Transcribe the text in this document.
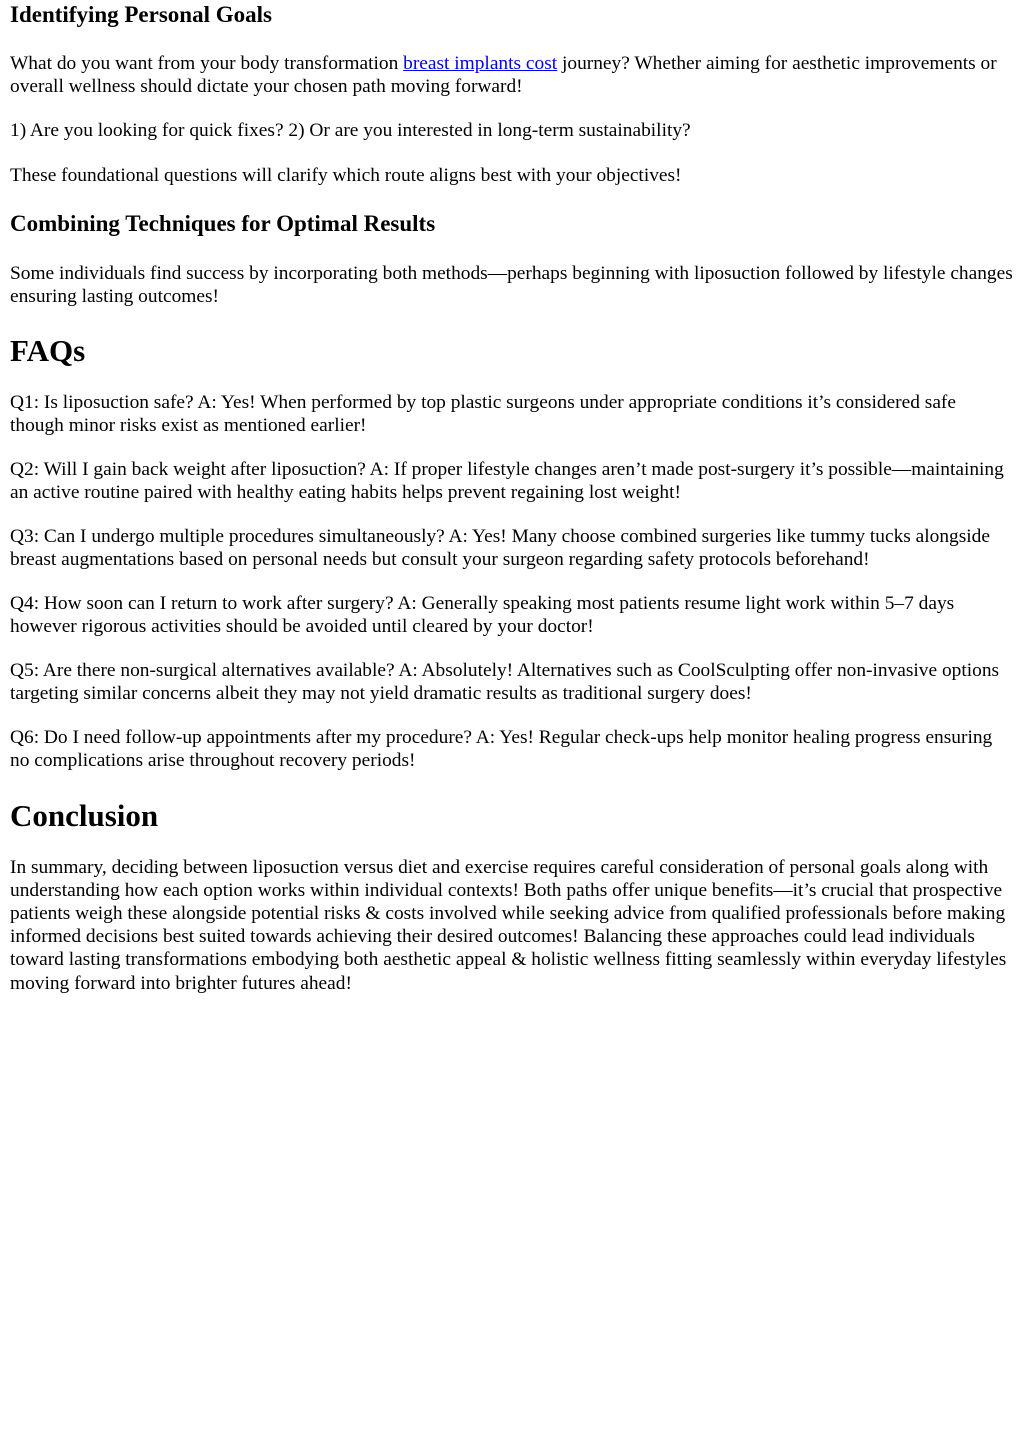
Identifying Personal Goals

What do you want from your body transformation breast implants cost journey? Whether aiming for aesthetic improvements or overall wellness should dictate your chosen path moving forward!

1) Are you looking for quick fixes? 2) Or are you interested in long-term sustainability?

These foundational questions will clarify which route aligns best with your objectives!

Combining Techniques for Optimal Results

Some individuals find success by incorporating both methods—perhaps beginning with liposuction followed by lifestyle changes ensuring lasting outcomes!

FAQs

Q1: Is liposuction safe? A: Yes! When performed by top plastic surgeons under appropriate conditions it’s considered safe though minor risks exist as mentioned earlier!

Q2: Will I gain back weight after liposuction? A: If proper lifestyle changes aren’t made post-surgery it’s possible—maintaining an active routine paired with healthy eating habits helps prevent regaining lost weight!

Q3: Can I undergo multiple procedures simultaneously? A: Yes! Many choose combined surgeries like tummy tucks alongside breast augmentations based on personal needs but consult your surgeon regarding safety protocols beforehand!

Q4: How soon can I return to work after surgery? A: Generally speaking most patients resume light work within 5–7 days however rigorous activities should be avoided until cleared by your doctor!

Q5: Are there non-surgical alternatives available? A: Absolutely! Alternatives such as CoolSculpting offer non-invasive options targeting similar concerns albeit they may not yield dramatic results as traditional surgery does!

Q6: Do I need follow-up appointments after my procedure? A: Yes! Regular check-ups help monitor healing progress ensuring no complications arise throughout recovery periods!

Conclusion

In summary, deciding between liposuction versus diet and exercise requires careful consideration of personal goals along with understanding how each option works within individual contexts! Both paths offer unique benefits—it’s crucial that prospective patients weigh these alongside potential risks & costs involved while seeking advice from qualified professionals before making informed decisions best suited towards achieving their desired outcomes! Balancing these approaches could lead individuals toward lasting transformations embodying both aesthetic appeal & holistic wellness fitting seamlessly within everyday lifestyles moving forward into brighter futures ahead!
